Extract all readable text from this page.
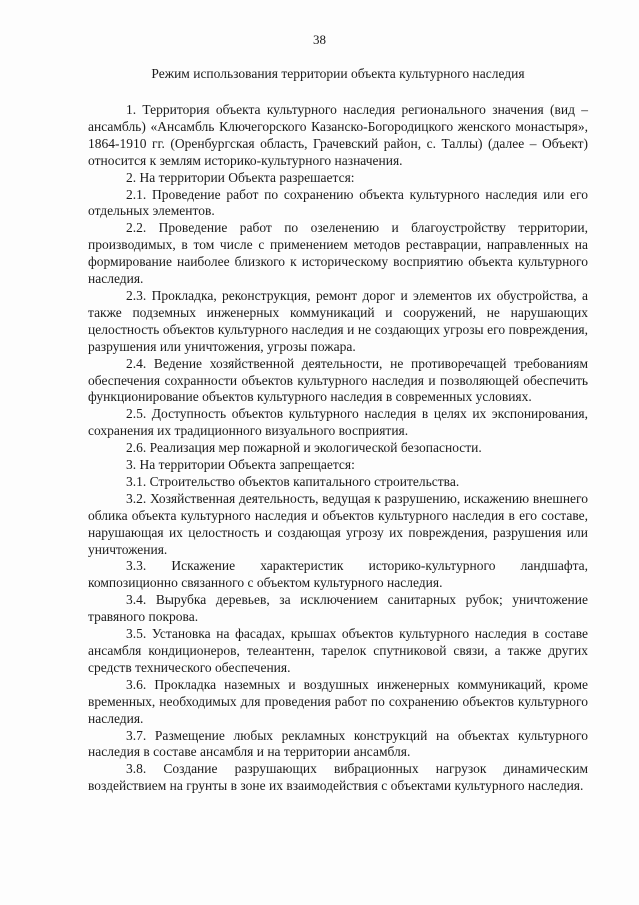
38
Режим использования территории объекта культурного наследия

1. Территория объекта культурного наследия регионального значения (вид – ансамбль) «Ансамбль Ключегорского Казанско-Богородицкого женского монастыря», 1864-1910 гг. (Оренбургская область, Грачевский район, с. Таллы) (далее – Объект) относится к землям историко-культурного назначения.

2. На территории Объекта разрешается:

2.1. Проведение работ по сохранению объекта культурного наследия или его отдельных элементов.

2.2. Проведение работ по озеленению и благоустройству территории, производимых, в том числе с применением методов реставрации, направленных на формирование наиболее близкого к историческому восприятию объекта культурного наследия.

2.3. Прокладка, реконструкция, ремонт дорог и элементов их обустройства, а также подземных инженерных коммуникаций и сооружений, не нарушающих целостность объектов культурного наследия и не создающих угрозы его повреждения, разрушения или уничтожения, угрозы пожара.

2.4. Ведение хозяйственной деятельности, не противоречащей требованиям обеспечения сохранности объектов культурного наследия и позволяющей обеспечить функционирование объектов культурного наследия в современных условиях.

2.5. Доступность объектов культурного наследия в целях их экспонирования, сохранения их традиционного визуального восприятия.

2.6. Реализация мер пожарной и экологической безопасности.

3. На территории Объекта запрещается:

3.1. Строительство объектов капитального строительства.

3.2. Хозяйственная деятельность, ведущая к разрушению, искажению внешнего облика объекта культурного наследия и объектов культурного наследия в его составе, нарушающая их целостность и создающая угрозу их повреждения, разрушения или уничтожения.

3.3. Искажение характеристик историко-культурного ландшафта, композиционно связанного с объектом культурного наследия.

3.4. Вырубка деревьев, за исключением санитарных рубок; уничтожение травяного покрова.

3.5. Установка на фасадах, крышах объектов культурного наследия в составе ансамбля кондиционеров, телеантенн, тарелок спутниковой связи, а также других средств технического обеспечения.

3.6. Прокладка наземных и воздушных инженерных коммуникаций, кроме временных, необходимых для проведения работ по сохранению объектов культурного наследия.

3.7. Размещение любых рекламных конструкций на объектах культурного наследия в составе ансамбля и на территории ансамбля.

3.8. Создание разрушающих вибрационных нагрузок динамическим воздействием на грунты в зоне их взаимодействия с объектами культурного наследия.
